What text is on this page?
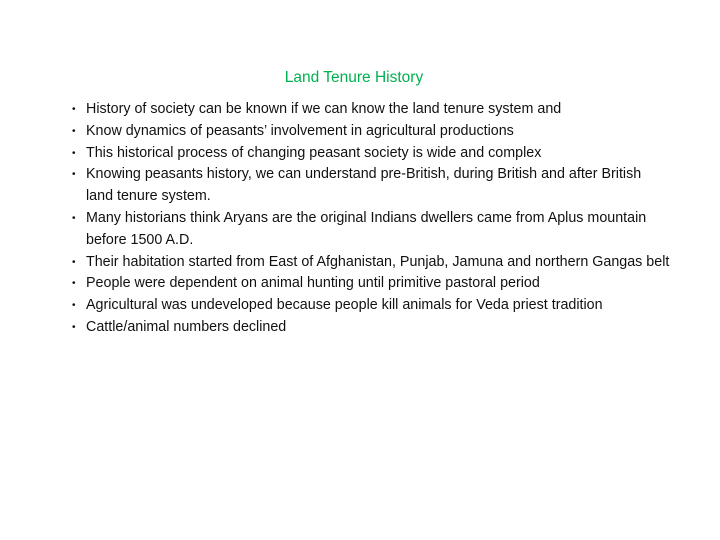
Land Tenure History
• History of society can be known if we can know the land tenure system and
• Know dynamics of peasants’ involvement in agricultural productions
• This historical process of changing peasant society is wide and complex
• Knowing peasants history, we can understand pre-British, during British and after British land tenure system.
• Many historians think Aryans are the original Indians dwellers came from Aplus mountain before 1500 A.D.
• Their habitation started from East of Afghanistan, Punjab, Jamuna and northern Gangas belt
• People were dependent on animal hunting until primitive pastoral period
• Agricultural was undeveloped because people kill animals for Veda priest tradition
• Cattle/animal numbers declined
